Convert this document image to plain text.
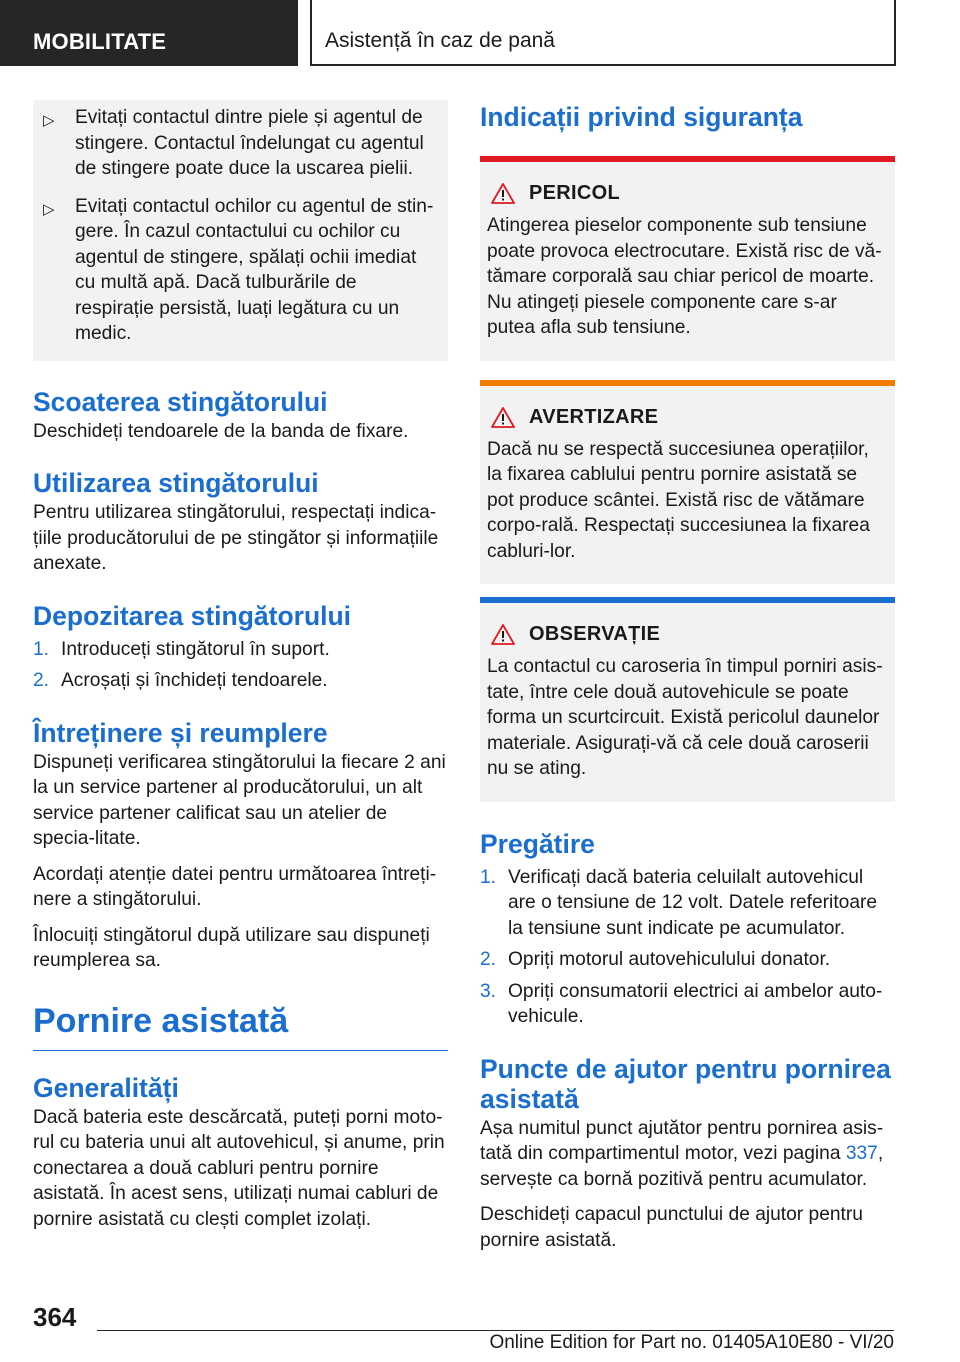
MOBILITATE	Asistență în caz de pană
▷	Evitați contactul dintre piele și agentul de stingere. Contactul îndelungat cu agentul de stingere poate duce la uscarea pielii.
▷	Evitați contactul ochilor cu agentul de stin-gere. În cazul contactului cu ochilor cu agentul de stingere, spălați ochii imediat cu multă apă. Dacă tulburările de respirație persistă, luați legătura cu un medic.
Scoaterea stingătorului
Deschideți tendoarele de la banda de fixare.
Utilizarea stingătorului
Pentru utilizarea stingătorului, respectați indica-țiile producătorului de pe stingător și informațiile anexate.
Depozitarea stingătorului
1. Introduceți stingătorul în suport.
2. Acroșați și închideți tendoarele.
Întreținere și reumplere
Dispuneți verificarea stingătorului la fiecare 2 ani la un service partener al producătorului, un alt service partener calificat sau un atelier de specia-litate.
Acordați atenție datei pentru următoarea întreți-nere a stingătorului.
Înlocuiți stingătorul după utilizare sau dispuneți reumplerea sa.
Pornire asistată
Generalități
Dacă bateria este descărcată, puteți porni moto-rul cu bateria unui alt autovehicul, și anume, prin conectarea a două cabluri pentru pornire asistată. În acest sens, utilizați numai cabluri de pornire asistată cu clești complet izolați.
Indicații privind siguranța
PERICOL
Atingerea pieselor componente sub tensiune poate provoca electrocutare. Există risc de vă-tămare corporală sau chiar pericol de moarte. Nu atingeți piesele componente care s-ar putea afla sub tensiune.
AVERTIZARE
Dacă nu se respectă succesiunea operațiilor, la fixarea cablului pentru pornire asistată se pot produce scântei. Există risc de vătămare corpo-rală. Respectați succesiunea la fixarea cabluri-lor.
OBSERVAȚIE
La contactul cu caroseria în timpul porniri asis-tate, între cele două autovehicule se poate forma un scurtcircuit. Există pericolul daunelor materiale. Asigurați-vă că cele două caroserii nu se ating.
Pregătire
1. Verificați dacă bateria celuilalt autovehicul are o tensiune de 12 volt. Datele referitoare la tensiune sunt indicate pe acumulator.
2. Opriți motorul autovehiculului donator.
3. Opriți consumatorii electrici ai ambelor auto-vehicule.
Puncte de ajutor pentru pornirea asistată
Așa numitul punct ajutător pentru pornirea asis-tată din compartimentul motor, vezi pagina 337, servește ca bornă pozitivă pentru acumulator.
Deschideți capacul punctului de ajutor pentru pornire asistată.
364
Online Edition for Part no. 01405A10E80 - VI/20
